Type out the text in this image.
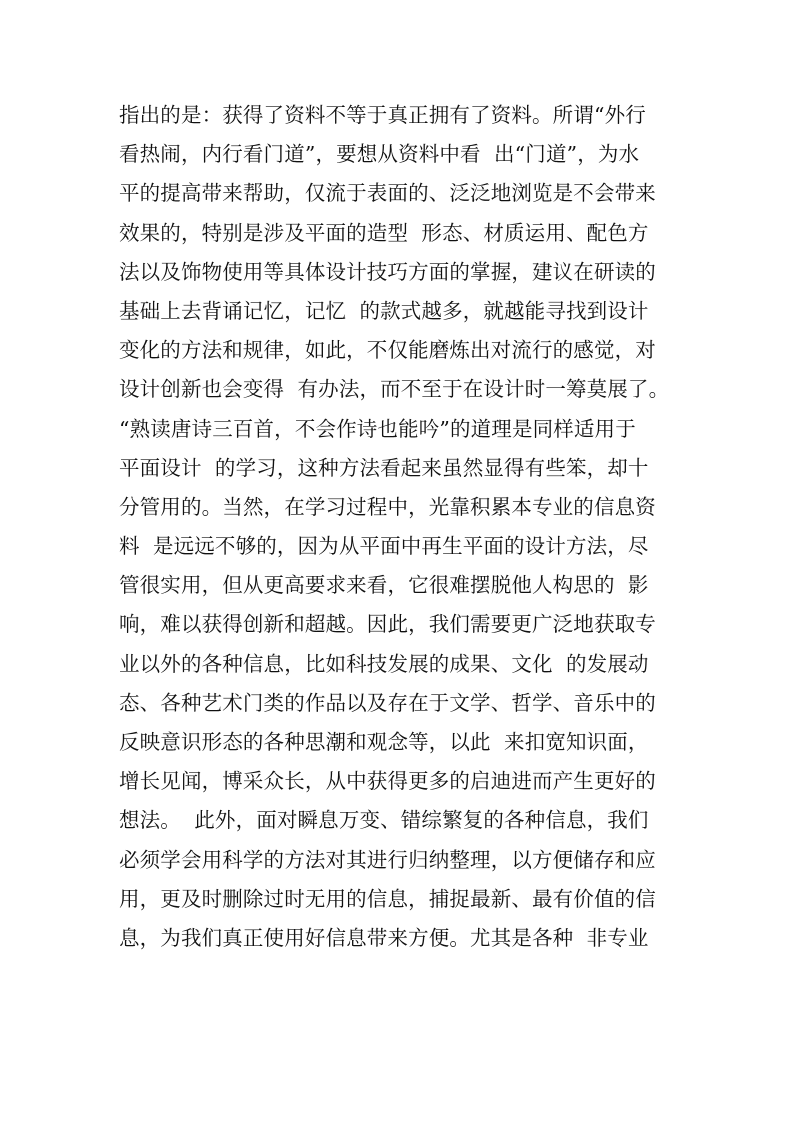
指出的是：获得了资料不等于真正拥有了资料。所谓“外行
看热闹，内行看门道”，要想从资料中看  出“门道”，为水
平的提高带来帮助，仅流于表面的、泛泛地浏览是不会带来
效果的，特别是涉及平面的造型  形态、材质运用、配色方
法以及饰物使用等具体设计技巧方面的掌握，建议在研读的
基础上去背诵记忆，记忆  的款式越多，就越能寻找到设计
变化的方法和规律，如此，不仅能磨炼出对流行的感觉，对
设计创新也会变得  有办法，而不至于在设计时一筹莫展了。
“熟读唐诗三百首，不会作诗也能吟”的道理是同样适用于
平面设计  的学习，这种方法看起来虽然显得有些笨，却十
分管用的。当然，在学习过程中，光靠积累本专业的信息资
料  是远远不够的，因为从平面中再生平面的设计方法，尽
管很实用，但从更高要求来看，它很难摆脱他人构思的  影
响，难以获得创新和超越。因此，我们需要更广泛地获取专
业以外的各种信息，比如科技发展的成果、文化  的发展动
态、各种艺术门类的作品以及存在于文学、哲学、音乐中的
反映意识形态的各种思潮和观念等，以此  来扣宽知识面，
增长见闻，博采众长，从中获得更多的启迪进而产生更好的
想法。  此外，面对瞬息万变、错综繁复的各种信息，我们
必须学会用科学的方法对其进行归纳整理，以方便储存和应
用，更及时删除过时无用的信息，捕捉最新、最有价值的信
息，为我们真正使用好信息带来方便。尤其是各种  非专业
